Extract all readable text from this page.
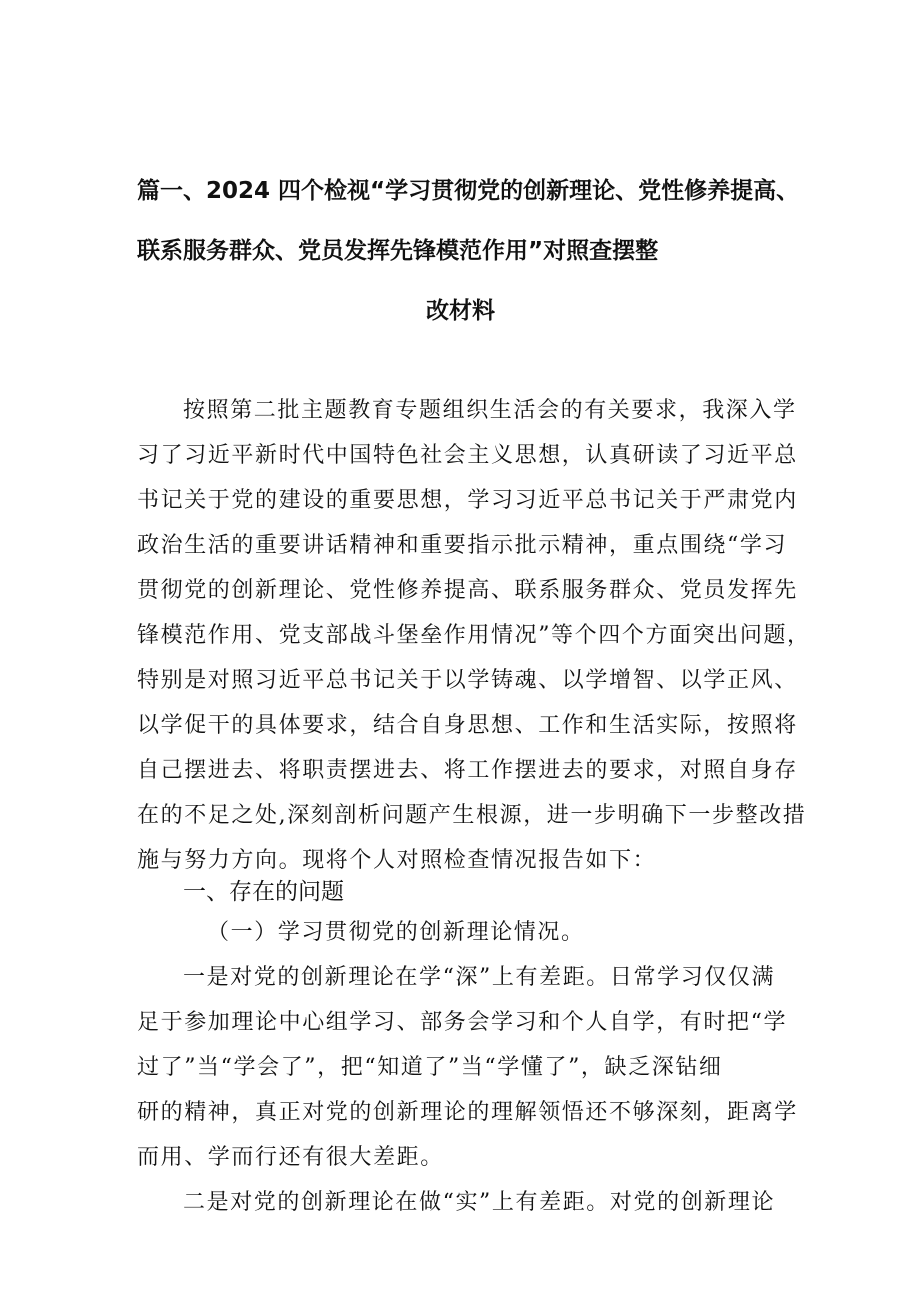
篇一、2024 四个检视“学习贯彻党的创新理论、党性修养提高、
联系服务群众、党员发挥先锋模范作用”对照查摆整
改材料
按照第二批主题教育专题组织生活会的有关要求，我深入学
习了习近平新时代中国特色社会主义思想，认真研读了习近平总
书记关于党的建设的重要思想，学习习近平总书记关于严肃党内
政治生活的重要讲话精神和重要指示批示精神，重点围绕“学习
贯彻党的创新理论、党性修养提高、联系服务群众、党员发挥先
锋模范作用、党支部战斗堡垒作用情况”等个四个方面突出问题，
特别是对照习近平总书记关于以学铸魂、以学增智、以学正风、
以学促干的具体要求，结合自身思想、工作和生活实际，按照将
自己摆进去、将职责摆进去、将工作摆进去的要求，对照自身存
在的不足之处,深刻剖析问题产生根源，进一步明确下一步整改措
施与努力方向。现将个人对照检查情况报告如下：
一、存在的问题
（一）学习贯彻党的创新理论情况。
一是对党的创新理论在学“深”上有差距。日常学习仅仅满
足于参加理论中心组学习、部务会学习和个人自学，有时把“学
过了”当“学会了”，把“知道了”当“学懂了”，缺乏深钻细
研的精神，真正对党的创新理论的理解领悟还不够深刻，距离学
而用、学而行还有很大差距。
二是对党的创新理论在做“实”上有差距。对党的创新理论
